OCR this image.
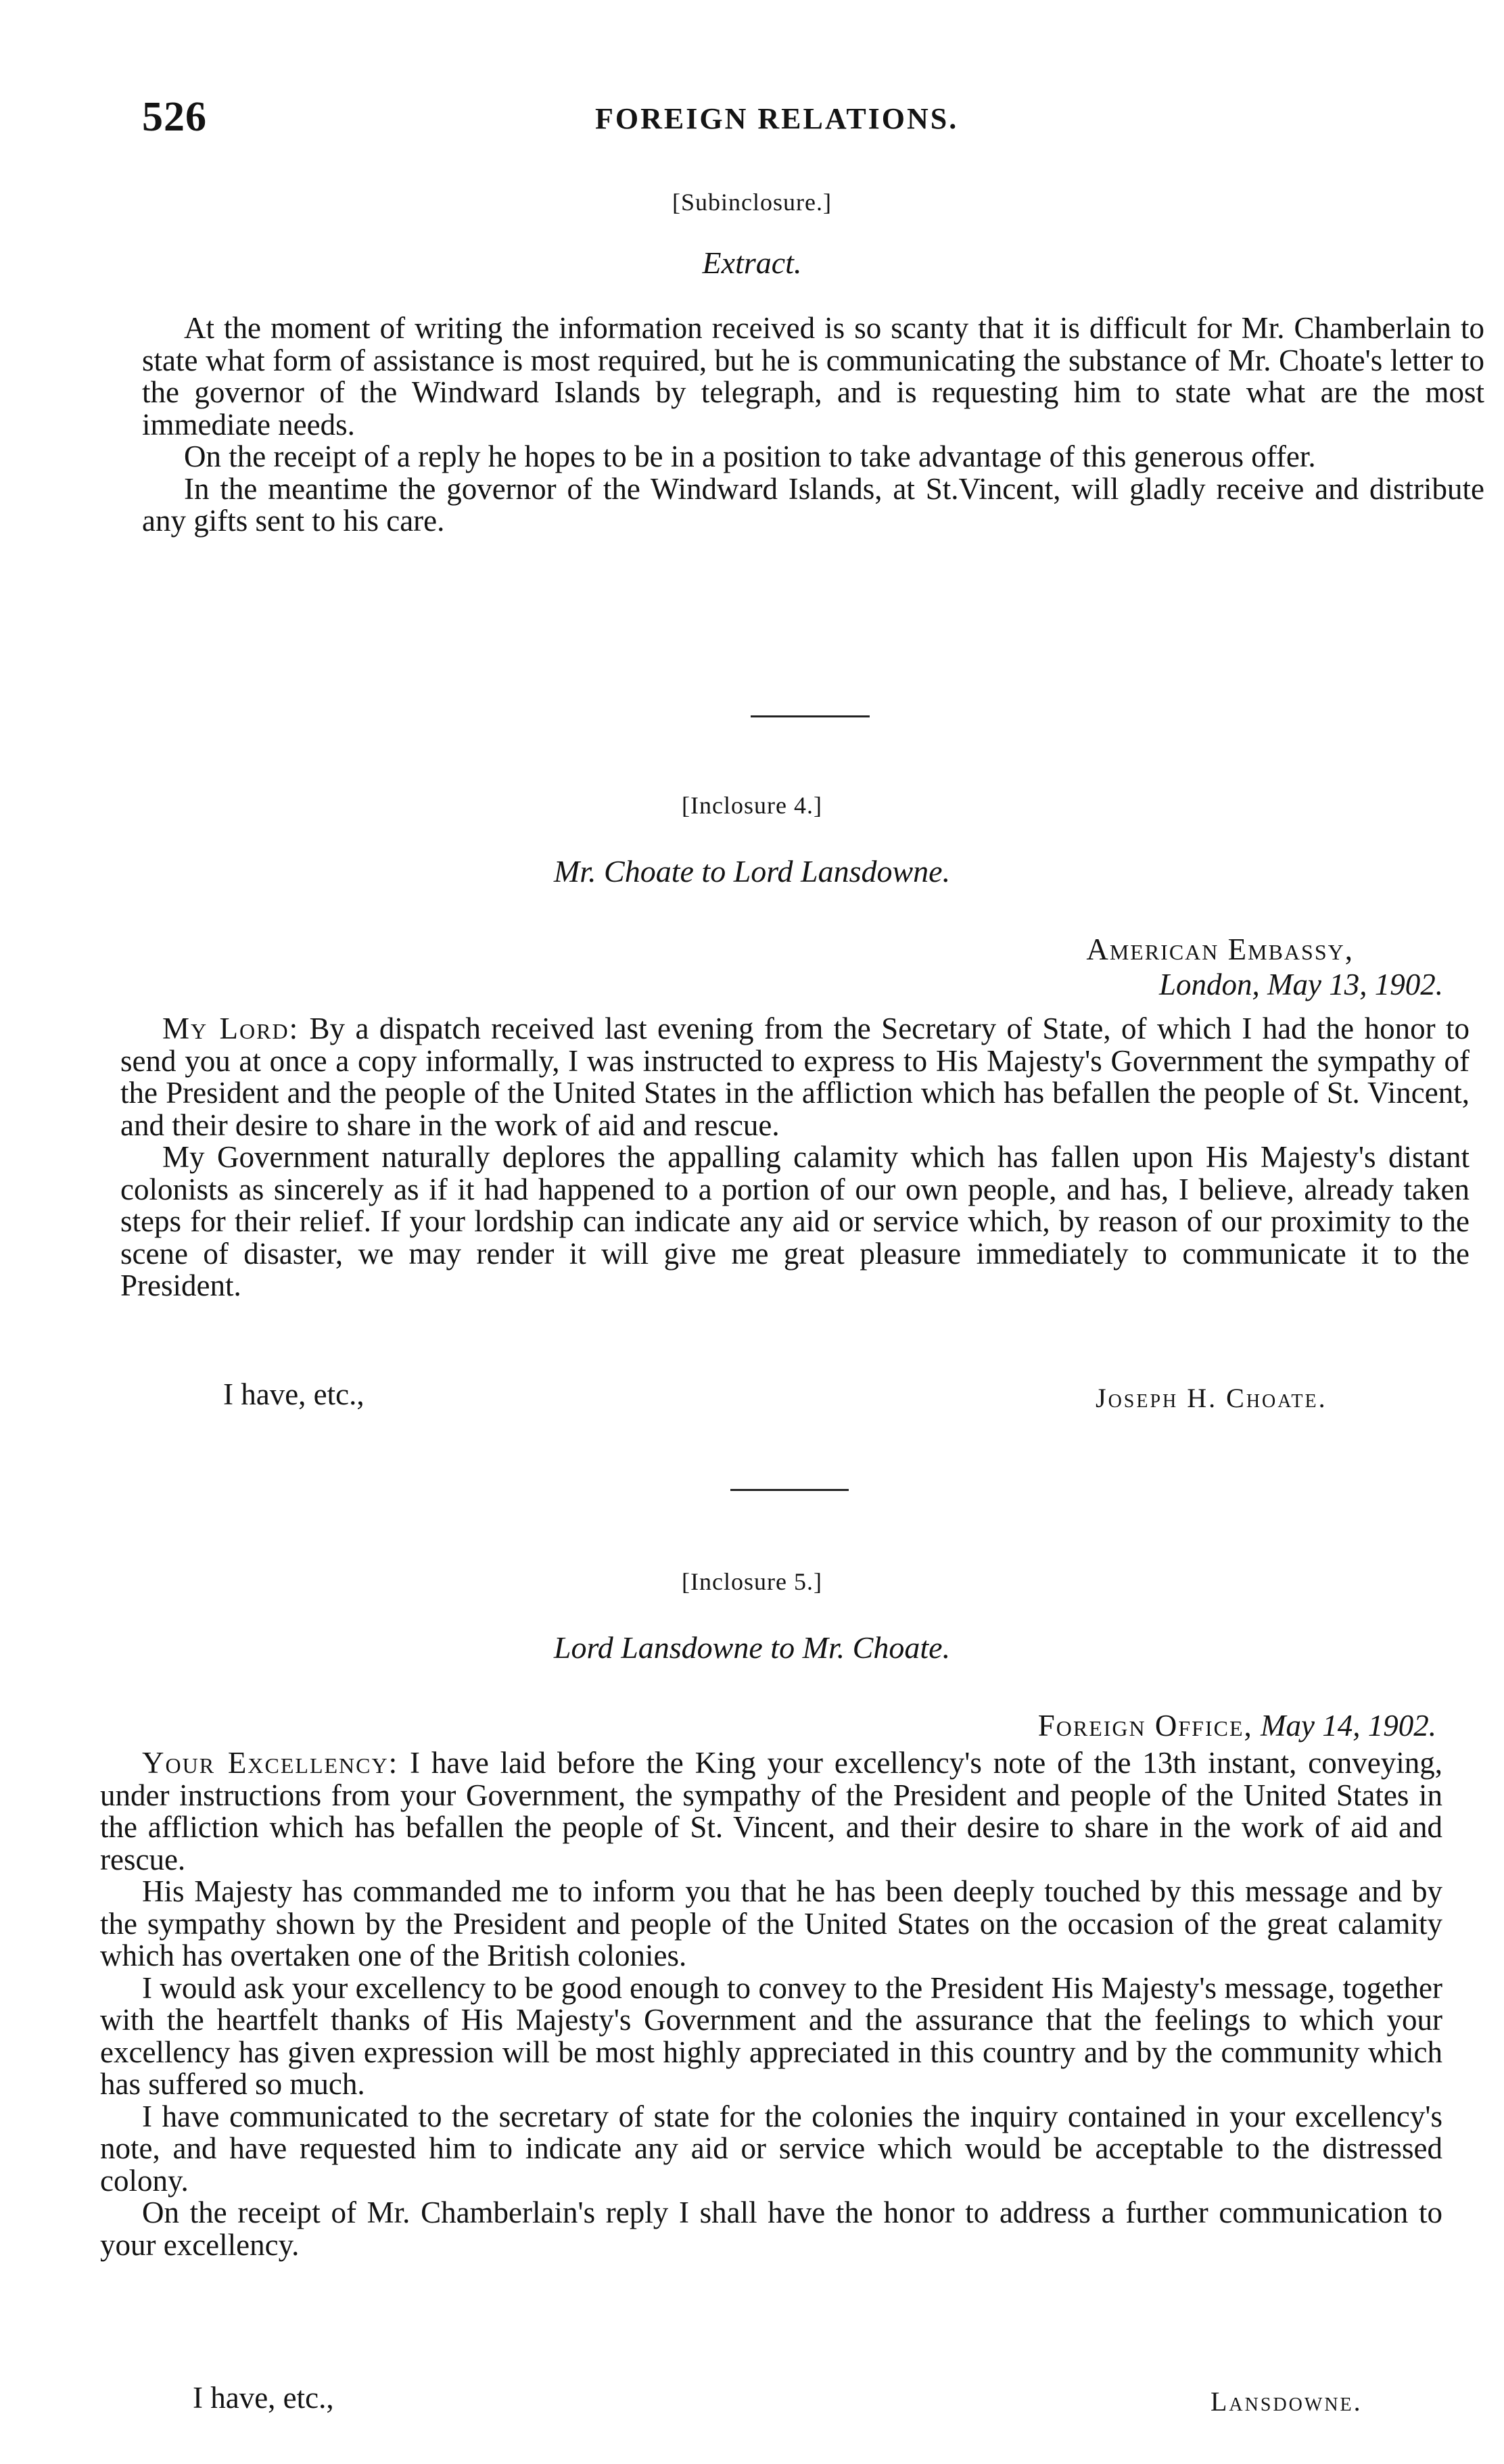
526	FOREIGN RELATIONS.
[Subinclosure.]
Extract.

At the moment of writing the information received is so scanty that it is difficult for Mr. Chamberlain to state what form of assistance is most required, but he is communicating the substance of Mr. Choate's letter to the governor of the Windward Islands by telegraph, and is requesting him to state what are the most immediate needs.

On the receipt of a reply he hopes to be in a position to take advantage of this generous offer.

In the meantime the governor of the Windward Islands, at St.Vincent, will gladly receive and distribute any gifts sent to his care.

[Inclosure 4.]
Mr. Choate to Lord Lansdowne.
American Embassy,
London, May 13, 1902.

My Lord: By a dispatch received last evening from the Secretary of State, of which I had the honor to send you at once a copy informally, I was instructed to express to His Majesty's Government the sympathy of the President and the people of the United States in the affliction which has befallen the people of St. Vincent, and their desire to share in the work of aid and rescue.

My Government naturally deplores the appalling calamity which has fallen upon His Majesty's distant colonists as sincerely as if it had happened to a portion of our own people, and has, I believe, already taken steps for their relief. If your lordship can indicate any aid or service which, by reason of our proximity to the scene of disaster, we may render it will give me great pleasure immediately to communicate it to the President.

I have, etc.,	Joseph H. Choate.
[Inclosure 5.]
Lord Lansdowne to Mr. Choate.
Foreign Office, May 14, 1902.

Your Excellency: I have laid before the King your excellency's note of the 13th instant, conveying, under instructions from your Government, the sympathy of the President and people of the United States in the affliction which has befallen the people of St. Vincent, and their desire to share in the work of aid and rescue.

His Majesty has commanded me to inform you that he has been deeply touched by this message and by the sympathy shown by the President and people of the United States on the occasion of the great calamity which has overtaken one of the British colonies.

I would ask your excellency to be good enough to convey to the President His Majesty's message, together with the heartfelt thanks of His Majesty's Government and the assurance that the feelings to which your excellency has given expression will be most highly appreciated in this country and by the community which has suffered so much.

I have communicated to the secretary of state for the colonies the inquiry contained in your excellency's note, and have requested him to indicate any aid or service which would be acceptable to the distressed colony.

On the receipt of Mr. Chamberlain's reply I shall have the honor to address a further communication to your excellency.

I have, etc.,	Lansdowne.
